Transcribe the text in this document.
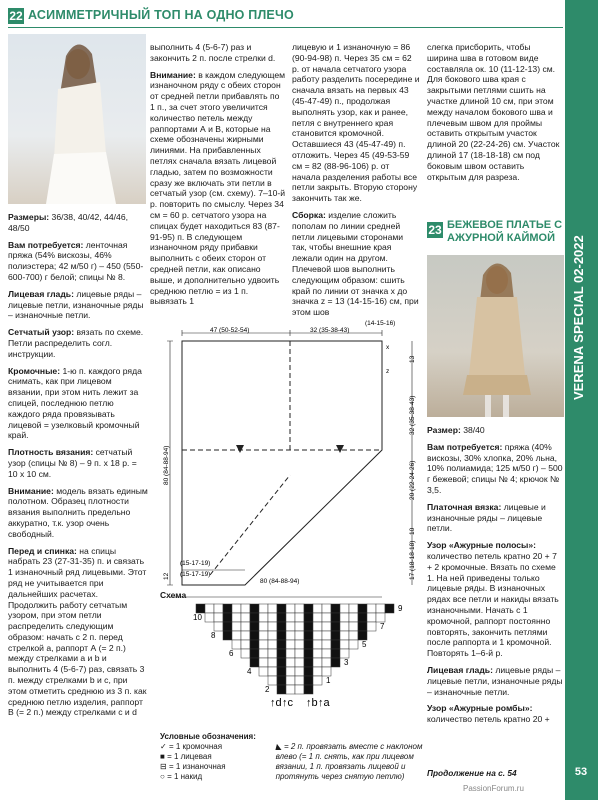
22 АСИММЕТРИЧНЫЙ ТОП НА ОДНО ПЛЕЧО
VERENA SPECIAL 02-2022
53

Размеры: 36/38, 40/42, 44/46, 48/50

Вам потребуется: ленточная пряжа (54% вискозы, 46% полиэстера; 42 м/50 г) – 450 (550-600-700) г белой; спицы № 8.

Лицевая гладь: лицевые ряды – лицевые петли, изнаночные ряды – изнаночные петли.

Сетчатый узор: вязать по схеме. Петли распределить согл. инструкции.

Кромочные: 1-ю п. каждого ряда снимать, как при лицевом вязании, при этом нить лежит за спицей, последнюю петлю каждого ряда провязывать лицевой = узелковый кромочный край.

Плотность вязания: сетчатый узор (спицы № 8) – 9 п. х 18 р. = 10 х 10 см.

Внимание: модель вязать единым полотном. Образец плотности вязания выполнить предельно аккуратно, т.к. узор очень свободный.

Перед и спинка: на спицы набрать 23 (27-31-35) п. и связать 1 изнаночный ряд лицевыми. Этот ряд не учитывается при дальнейших расчетах. Продолжить работу сетчатым узором, при этом петли распределить следующим образом: начать с 2 п. перед стрелкой а, раппорт А (= 2 п.) между стрелками а и b и выполнить 4 (5-6-7) раз, связать 3 п. между стрелками b и c, при этом отметить среднюю из 3 п. как среднюю петлю изделия, раппорт В (= 2 п.) между стрелками c и d

выполнить 4 (5-6-7) раз и закончить 2 п. после стрелки d.

Внимание: в каждом следующем изнаночном ряду с обеих сторон от средней петли прибавлять по 1 п., за счет этого увеличится количество петель между раппортами А и В, которые на схеме обозначены жирными линиями. На прибавленных петлях сначала вязать лицевой гладью, затем по возможности сразу же включать эти петли в сетчатый узор (см. схему). 7–10-й р. повторить по смыслу. Через 34 см = 60 р. сетчатого узора на спицах будет находиться 83 (87-91-95) п. В следующем изнаночном ряду прибавки выполнить с обеих сторон от средней петли, как описано выше, и дополнительно удвоить среднюю петлю = из 1 п. вывязать 1

лицевую и 1 изнаночную = 86 (90-94-98) п. Через 35 см = 62 р. от начала сетчатого узора работу разделить посередине и сначала вязать на первых 43 (45-47-49) п., продолжая выполнять узор, как и ранее, петля с внутреннего края становится кромочной. Оставшиеся 43 (45-47-49) п. отложить. Через 45 (49-53-59 см = 82 (88-96-106) р. от начала разделения работы все петли закрыть. Вторую сторону закончить так же.

Сборка: изделие сложить пополам по линии средней петли лицевыми сторонами так, чтобы внешние края лежали один на другом. Плечевой шов выполнить следующим образом: сшить край по линии от значка х до значка z = 13 (14-15-16) см, при этом шов

слегка присборить, чтобы ширина шва в готовом виде составляла ок. 10 (11-12-13) см. Для бокового шва края с закрытыми петлями сшить на участке длиной 10 см, при этом между началом бокового шва и плечевым швом для проймы оставить открытым участок длиной 20 (22-24-26) см. Участок длиной 17 (18-18-18) см под боковым швом оставить открытым для разреза.

23 БЕЖЕВОЕ ПЛАТЬЕ С АЖУРНОЙ КАЙМОЙ

Размер: 38/40

Вам потребуется: пряжа (40% вискозы, 30% хлопка, 20% льна, 10% полиамида; 125 м/50 г) – 500 г бежевой; спицы № 4; крючок № 3,5.

Платочная вязка: лицевые и изнаночные ряды – лицевые петли.

Узор «Ажурные полосы»: количество петель кратно 20 + 7 + 2 кромочные. Вязать по схеме 1. На ней приведены только лицевые ряды. В изнаночных рядах все петли и накиды вязать изнаночными. Начать с 1 кромочной, раппорт постоянно повторять, закончить петлями после раппорта и 1 кромочной. Повторять 1–6-й р.

Лицевая гладь: лицевые ряды – лицевые петли, изнаночные ряды – изнаночные петли.

Узор «Ажурные ромбы»: количество петель кратно 20 +

47 (50-52-54)	32 (35-38-43)
(14-15-16)
x
z
13
32 (35-38-43)
20 (22-24-26)
10
17 (18-18-18)
80 (84-88-94)
12
(15-17-19)
(15-17-19)
80 (84-88-94)
Схема
9
10
7
8
5
6
3
4
1
2
↑d ↑c ↑b ↑a
Условные обозначения:
✓ = 1 кромочная
■ = 1 лицевая
⊟ = 1 изнаночная
○ = 1 накид
◣ = 2 п. провязать вместе с наклоном влево (= 1 п. снять, как при лицевом вязании, 1 п. провязать лицевой и протянуть через снятую петлю)	Продолжение на с. 54
PassionForum.ru
